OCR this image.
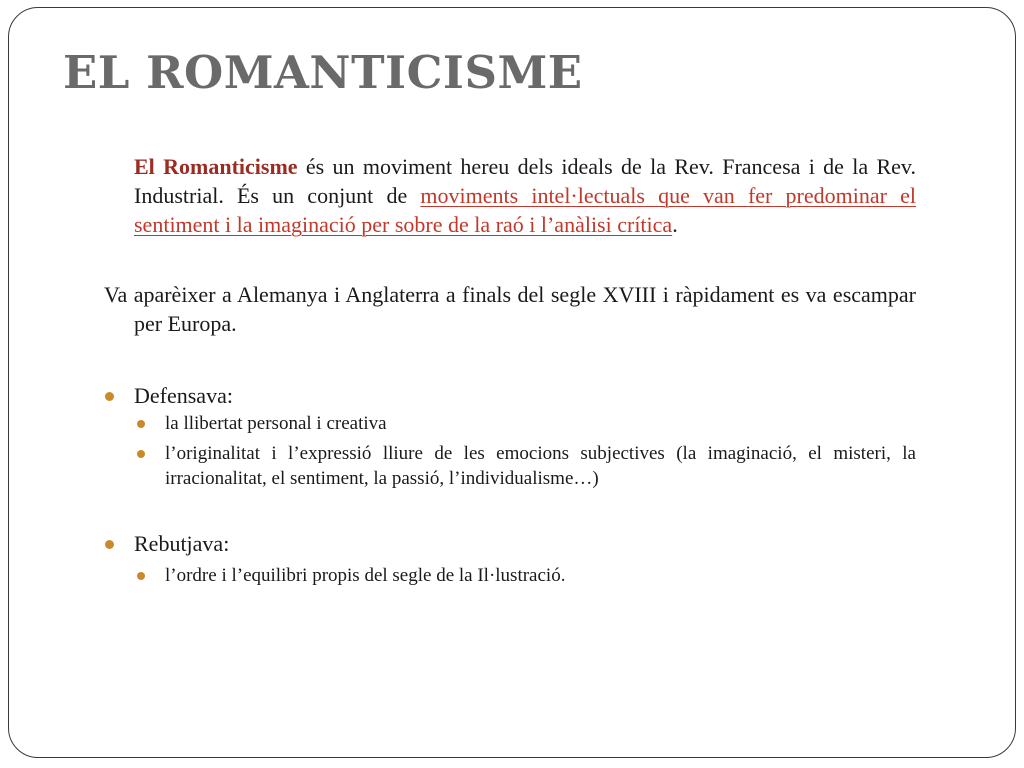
EL ROMANTICISME

El Romanticisme és un moviment hereu dels ideals de la Rev. Francesa i de la Rev. Industrial. És un conjunt de moviments intel·lectuals que van fer predominar el sentiment i la imaginació per sobre de la raó i l’anàlisi crítica.

Va aparèixer a Alemanya i Anglaterra a finals del segle XVIII i ràpidament es va escampar per Europa.

Defensava:
la llibertat personal i creativa
l’originalitat i l’expressió lliure de les emocions subjectives (la imaginació, el misteri, la irracionalitat, el sentiment, la passió, l’individualisme…)
Rebutjava:
l’ordre i l’equilibri propis del segle de la Il·lustració.
